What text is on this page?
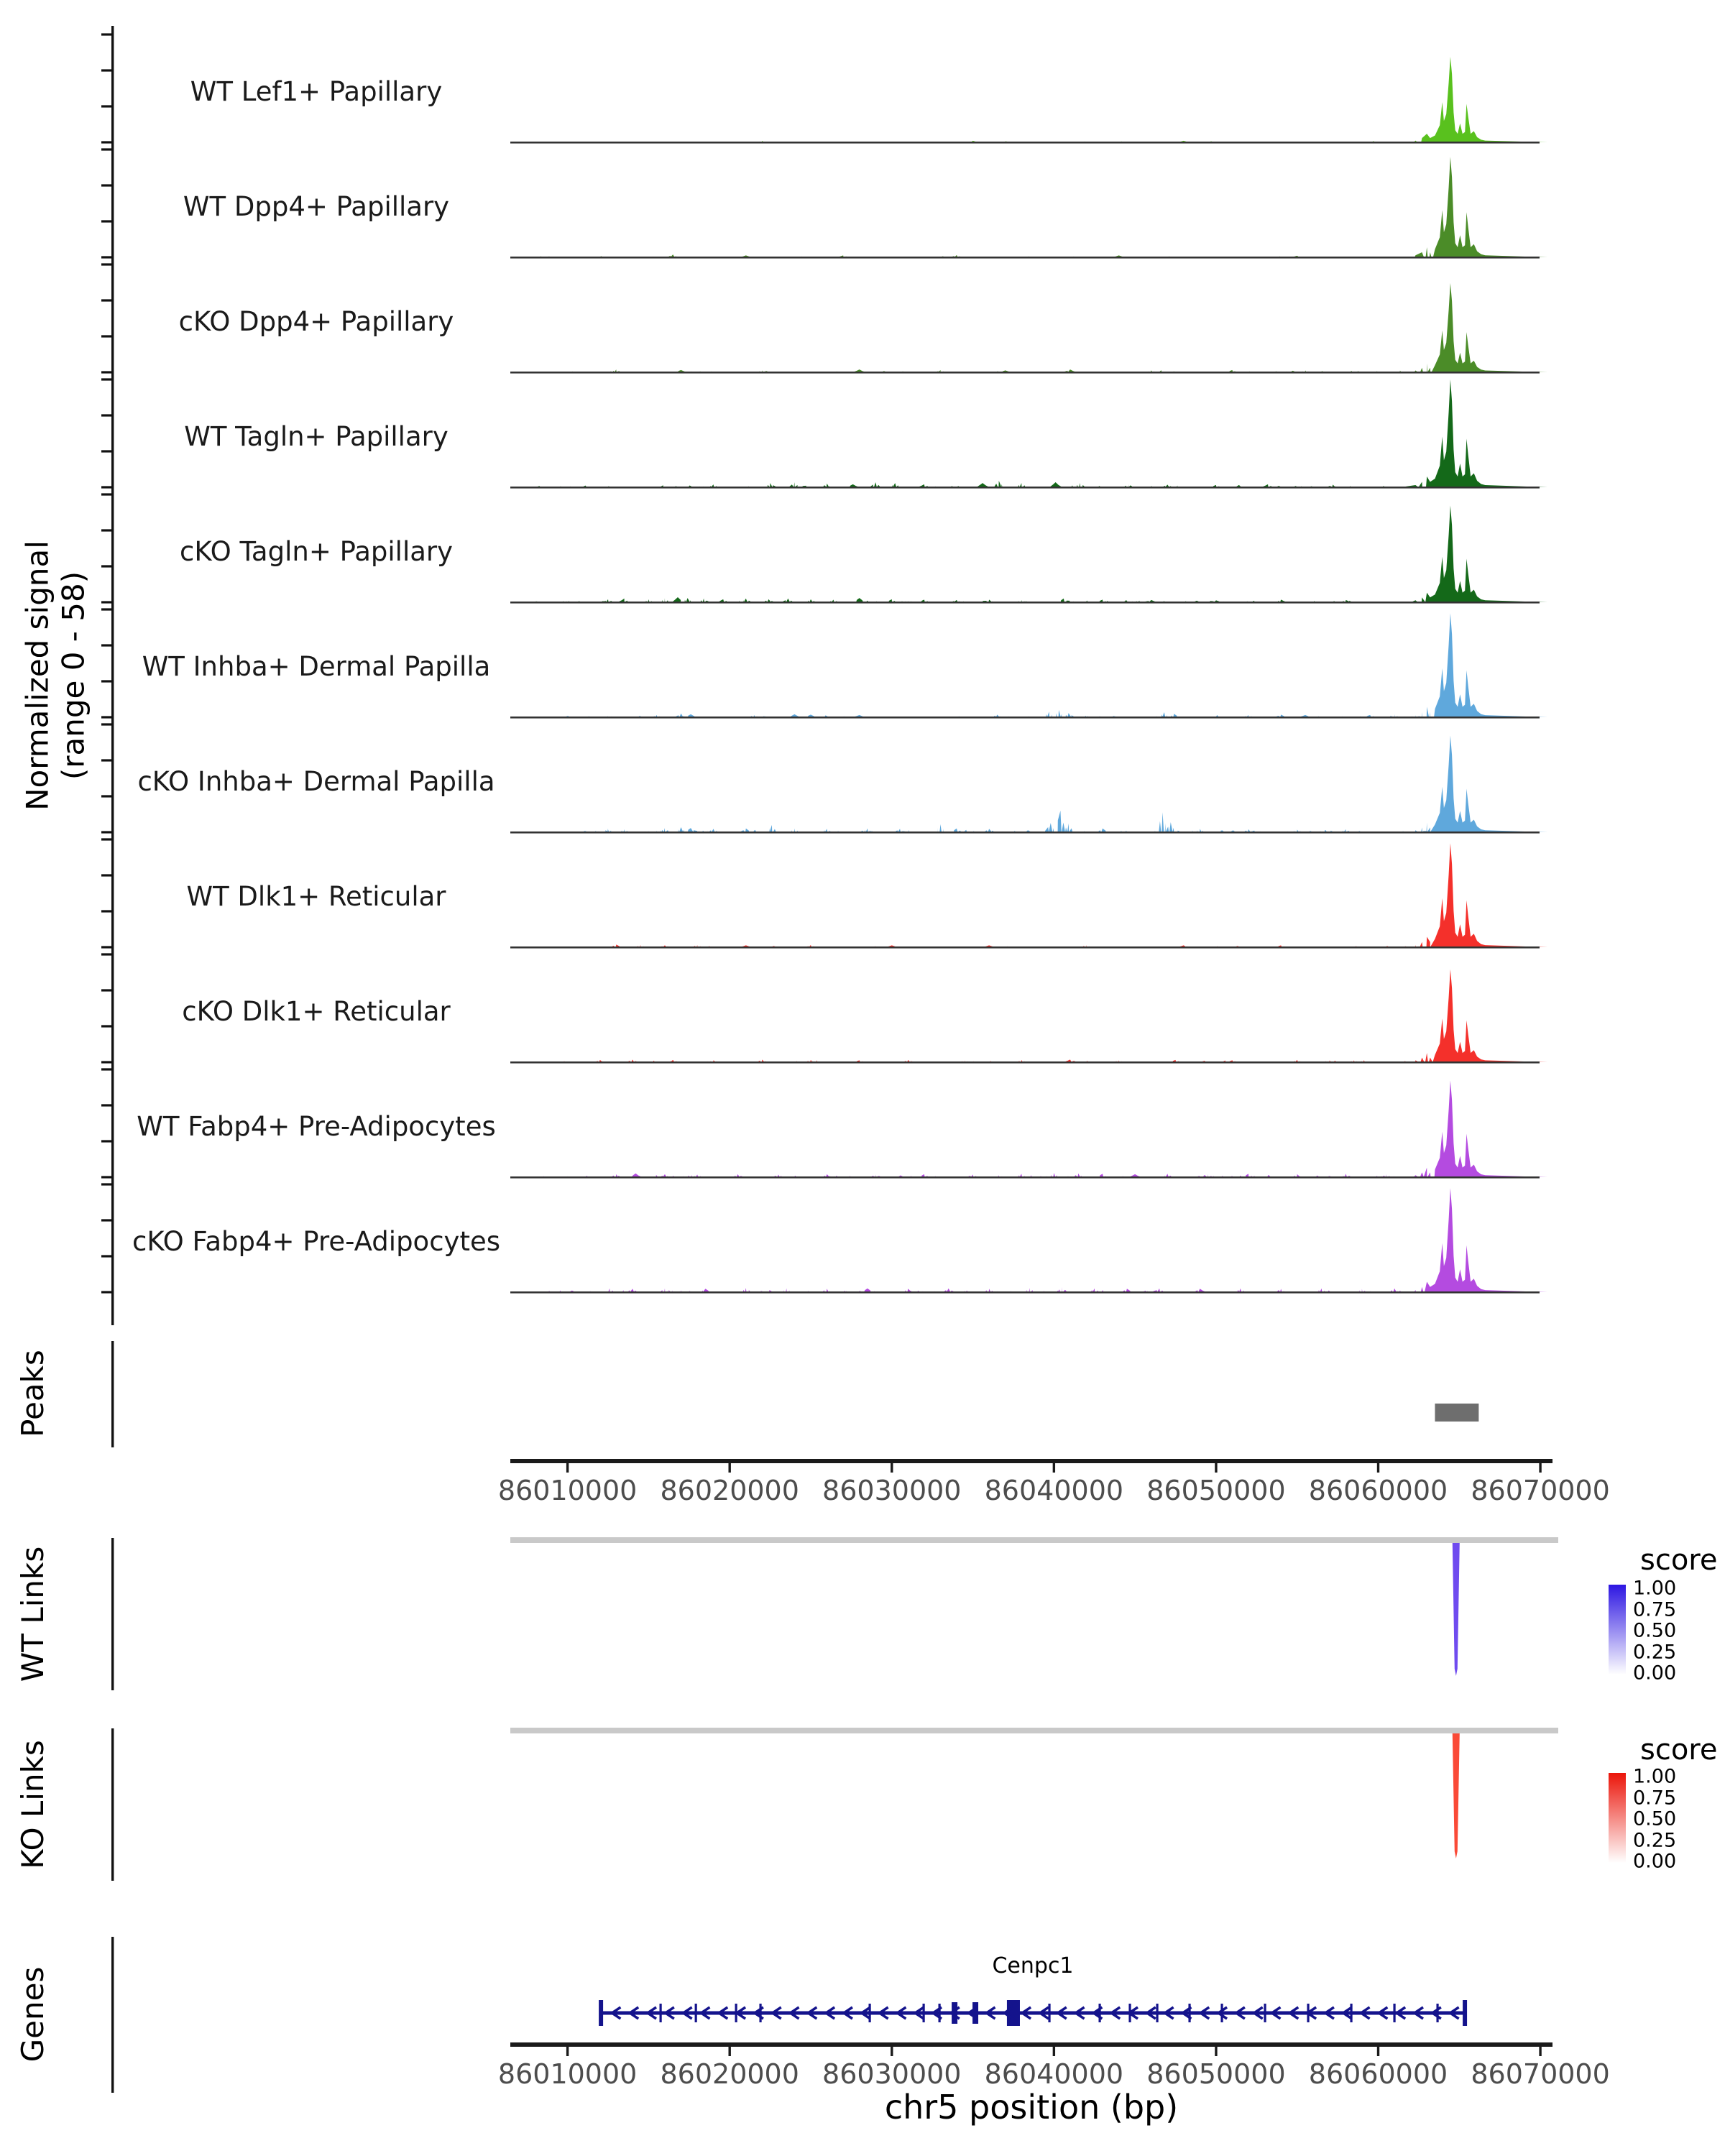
Normalized signal (range 0 - 58)
Peaks
WT Links
KO Links
Genes
score
score
Cenpc1
chr5 position (bp)
WT Lef1+ Papillary
WT Dpp4+ Papillary
cKO Dpp4+ Papillary
WT Tagln+ Papillary
cKO Tagln+ Papillary
WT Inhba+ Dermal Papilla
cKO Inhba+ Dermal Papilla
WT Dlk1+ Reticular
cKO Dlk1+ Reticular
WT Fabp4+ Pre-Adipocytes
cKO Fabp4+ Pre-Adipocytes
86010000 86020000 86030000 86040000 86050000 86060000 86070000
86010000 86020000 86030000 86040000 86050000 86060000 86070000
1.00
0.75
0.50
0.25
0.00
1.00
0.75
0.50
0.25
0.00
